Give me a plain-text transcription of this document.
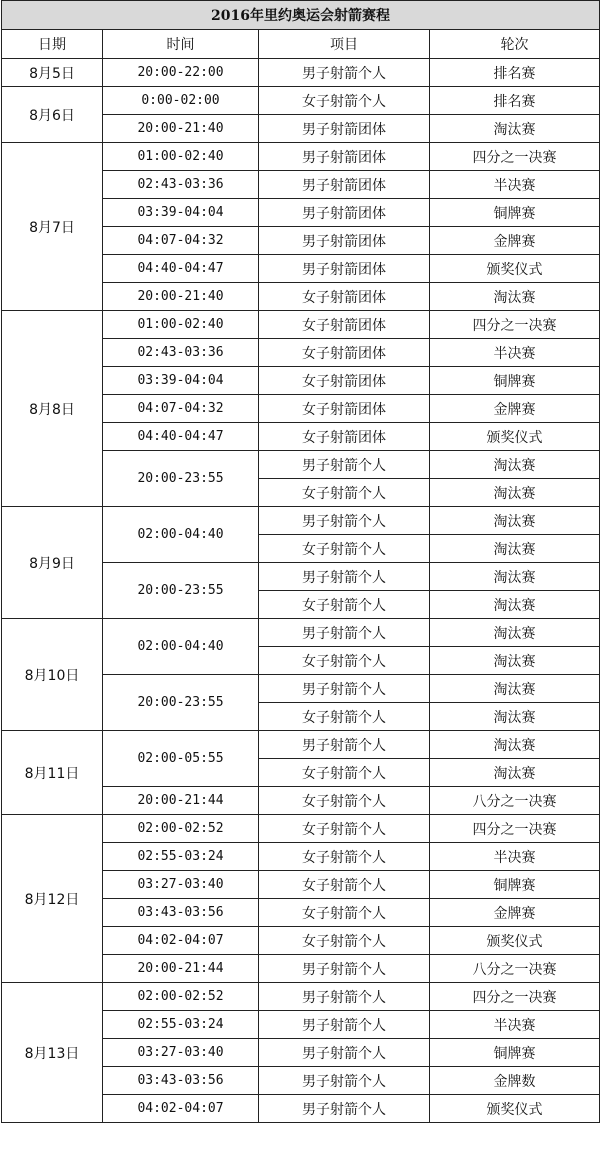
2016年里约奥运会射箭赛程			
日期	时间	项目	轮次
8月5日	20:00-22:00	男子射箭个人	排名赛
8月6日	0:00-02:00	女子射箭个人	排名赛
	20:00-21:40	男子射箭团体	淘汰赛
8月7日	01:00-02:40	男子射箭团体	四分之一决赛
	02:43-03:36	男子射箭团体	半决赛
	03:39-04:04	男子射箭团体	铜牌赛
	04:07-04:32	男子射箭团体	金牌赛
	04:40-04:47	男子射箭团体	颁奖仪式
	20:00-21:40	女子射箭团体	淘汰赛
8月8日	01:00-02:40	女子射箭团体	四分之一决赛
	02:43-03:36	女子射箭团体	半决赛
	03:39-04:04	女子射箭团体	铜牌赛
	04:07-04:32	女子射箭团体	金牌赛
	04:40-04:47	女子射箭团体	颁奖仪式
	20:00-23:55	男子射箭个人	淘汰赛
		女子射箭个人	淘汰赛
8月9日	02:00-04:40	男子射箭个人	淘汰赛
		女子射箭个人	淘汰赛
	20:00-23:55	男子射箭个人	淘汰赛
		女子射箭个人	淘汰赛
8月10日	02:00-04:40	男子射箭个人	淘汰赛
		女子射箭个人	淘汰赛
	20:00-23:55	男子射箭个人	淘汰赛
		女子射箭个人	淘汰赛
8月11日	02:00-05:55	男子射箭个人	淘汰赛
		女子射箭个人	淘汰赛
	20:00-21:44	女子射箭个人	八分之一决赛
8月12日	02:00-02:52	女子射箭个人	四分之一决赛
	02:55-03:24	女子射箭个人	半决赛
	03:27-03:40	女子射箭个人	铜牌赛
	03:43-03:56	女子射箭个人	金牌赛
	04:02-04:07	女子射箭个人	颁奖仪式
	20:00-21:44	男子射箭个人	八分之一决赛
8月13日	02:00-02:52	男子射箭个人	四分之一决赛
	02:55-03:24	男子射箭个人	半决赛
	03:27-03:40	男子射箭个人	铜牌赛
	03:43-03:56	男子射箭个人	金牌数
	04:02-04:07	男子射箭个人	颁奖仪式
